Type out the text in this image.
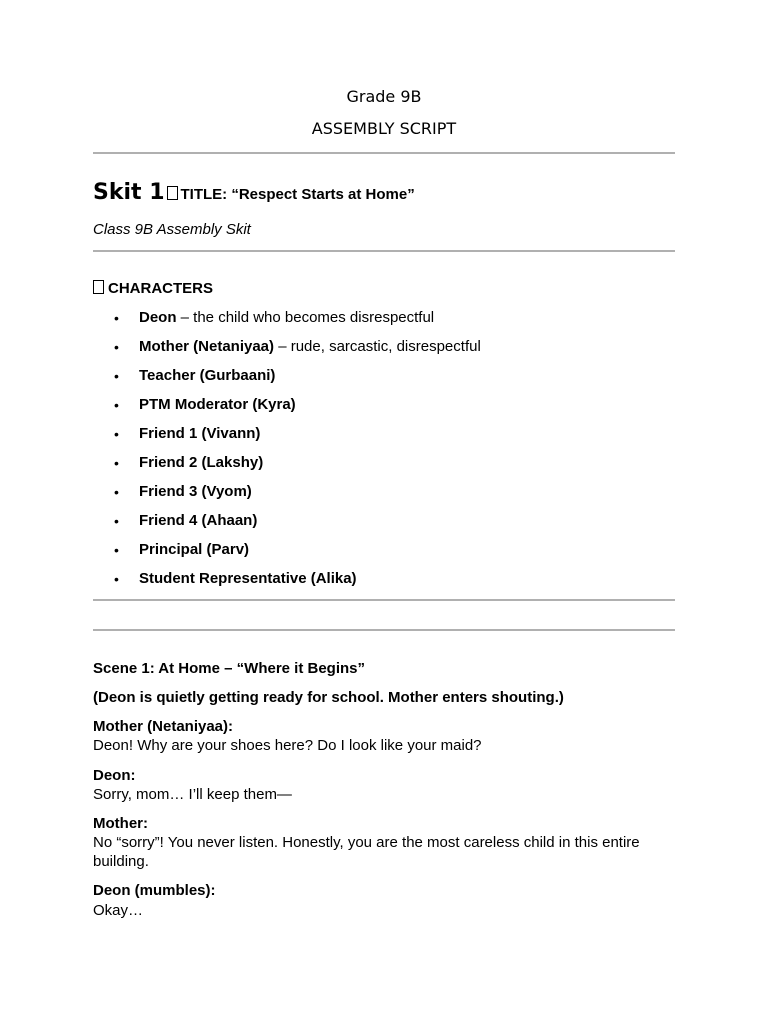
Grade 9B
ASSEMBLY SCRIPT
Skit 1 TITLE: “Respect Starts at Home”
Class 9B Assembly Skit
CHARACTERS
• Deon – the child who becomes disrespectful
• Mother (Netaniyaa) – rude, sarcastic, disrespectful
• Teacher (Gurbaani)
• PTM Moderator (Kyra)
• Friend 1 (Vivann)
• Friend 2 (Lakshy)
• Friend 3 (Vyom)
• Friend 4 (Ahaan)
• Principal (Parv)
• Student Representative (Alika)
Scene 1: At Home – “Where it Begins”
(Deon is quietly getting ready for school. Mother enters shouting.)
Mother (Netaniyaa):
Deon! Why are your shoes here? Do I look like your maid?
Deon:
Sorry, mom… I’ll keep them—
Mother:
No “sorry”! You never listen. Honestly, you are the most careless child in this entire building.
Deon (mumbles):
Okay…
